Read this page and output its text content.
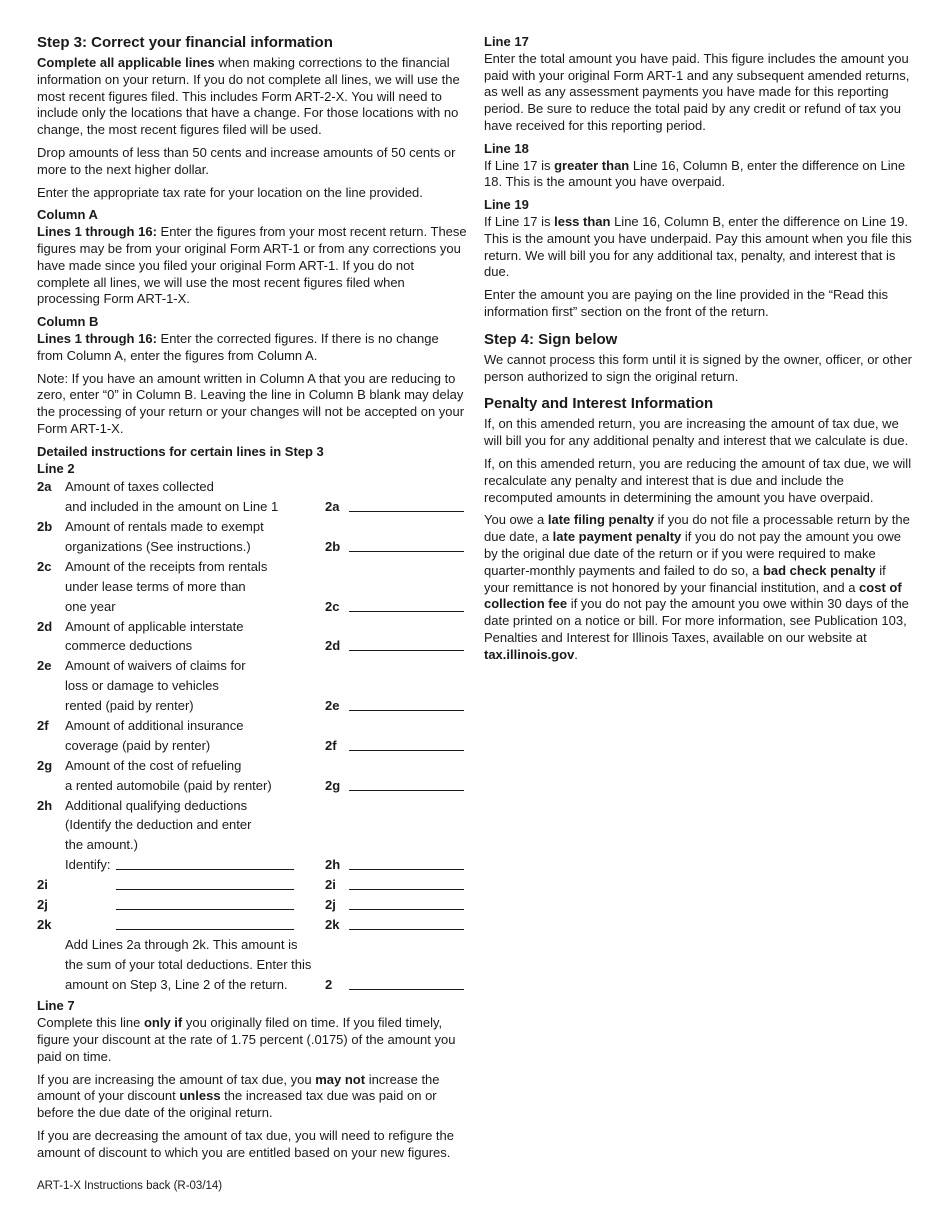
Step 3: Correct your financial information

Complete all applicable lines when making corrections to the financial information on your return. If you do not complete all lines, we will use the most recent figures filed. This includes Form ART-2-X. You will need to include only the locations that have a change. For those locations with no change, the most recent figures filed will be used.

Drop amounts of less than 50 cents and increase amounts of 50 cents or more to the next higher dollar.

Enter the appropriate tax rate for your location on the line provided.

Column A

Lines 1 through 16: Enter the figures from your most recent return. These figures may be from your original Form ART-1 or from any corrections you have made since you filed your original Form ART-1. If you do not complete all lines, we will use the most recent figures filed when processing Form ART-1-X.

Column B

Lines 1 through 16: Enter the corrected figures. If there is no change from Column A, enter the figures from Column A.

Note: If you have an amount written in Column A that you are reducing to zero, enter “0” in Column B. Leaving the line in Column B blank may delay the processing of your return or your changes will not be accepted on your Form ART-1-X.

Detailed instructions for certain lines in Step 3
Line 2
2a Amount of taxes collected
and included in the amount on Line 1	2a
2b Amount of rentals made to exempt
organizations (See instructions.)	2b
2c Amount of the receipts from rentals
under lease terms of more than
one year	2c
2d Amount of applicable interstate
commerce deductions	2d
2e Amount of waivers of claims for
loss or damage to vehicles
rented (paid by renter)	2e
2f Amount of additional insurance
coverage (paid by renter)	2f
2g Amount of the cost of refueling
a rented automobile (paid by renter)	2g
2h Additional qualifying deductions
(Identify the deduction and enter
the amount.)
Identify:	2h
2i	2i
2j	2j
2k	2k
Add Lines 2a through 2k. This amount is
the sum of your total deductions. Enter this
amount on Step 3, Line 2 of the return.	2
Line 7

Complete this line only if you originally filed on time. If you filed timely, figure your discount at the rate of 1.75 percent (.0175) of the amount you paid on time.

If you are increasing the amount of tax due, you may not increase the amount of your discount unless the increased tax due was paid on or before the due date of the original return.

If you are decreasing the amount of tax due, you will need to refigure the amount of discount to which you are entitled based on your new figures.

Line 17

Enter the total amount you have paid. This figure includes the amount you paid with your original Form ART-1 and any subsequent amended returns, as well as any assessment payments you have made for this reporting period. Be sure to reduce the total paid by any credit or refund of tax you have received for this reporting period.

Line 18

If Line 17 is greater than Line 16, Column B, enter the difference on Line 18. This is the amount you have overpaid.

Line 19

If Line 17 is less than Line 16, Column B, enter the difference on Line 19. This is the amount you have underpaid. Pay this amount when you file this return. We will bill you for any additional tax, penalty, and interest that is due.

Enter the amount you are paying on the line provided in the “Read this information first” section on the front of the return.

Step 4: Sign below

We cannot process this form until it is signed by the owner, officer, or other person authorized to sign the original return.

Penalty and Interest Information

If, on this amended return, you are increasing the amount of tax due, we will bill you for any additional penalty and interest that we calculate is due.

If, on this amended return, you are reducing the amount of tax due, we will recalculate any penalty and interest that is due and include the recomputed amounts in determining the amount you have overpaid.

You owe a late filing penalty if you do not file a processable return by the due date, a late payment penalty if you do not pay the amount you owe by the original due date of the return or if you were required to make quarter-monthly payments and failed to do so, a bad check penalty if your remittance is not honored by your financial institution, and a cost of collection fee if you do not pay the amount you owe within 30 days of the date printed on a notice or bill. For more information, see Publication 103, Penalties and Interest for Illinois Taxes, available on our website at tax.illinois.gov.

ART-1-X Instructions back (R-03/14)
